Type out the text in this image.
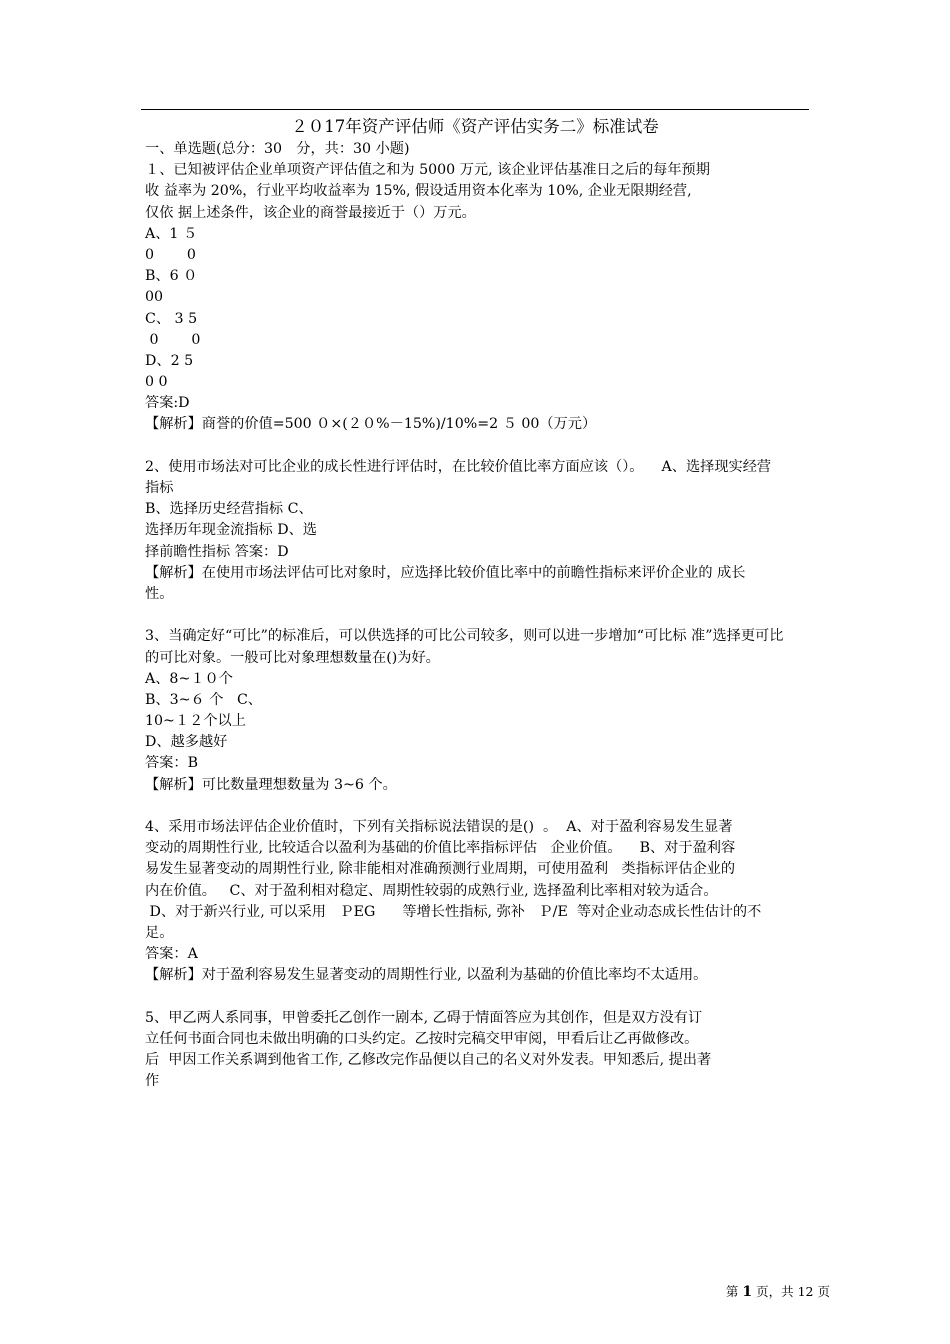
２０17年资产评估师《资产评估实务二》标准试卷
一、单选题(总分：30　分，共：30 小题)
１、已知被评估企业单项资产评估值之和为 5000 万元, 该企业评估基准日之后的每年预期
收 益率为 20%，行业平均收益率为 15%, 假设适用资本化率为 10%, 企业无限期经营,
仅依 据上述条件，该企业的商誉最接近于（）万元。
A、1 ５
0　　 0
B、6 ０
00
C、 3 5
0　　 0
D、2 5
0 0
答案:D
【解析】商誉的价值=500 ０×(２０%－15%)/10%=2 ５ 00（万元）
2、使用市场法对可比企业的成长性进行评估时，在比较价值比率方面应该（）。    A、选择现实经营
指标
B、选择历史经营指标 C、
选择历年现金流指标 D、选
择前瞻性指标 答案：D
【解析】在使用市场法评估可比对象时，应选择比较价值比率中的前瞻性指标来评价企业的 成长
性。
3、当确定好“可比”的标准后，可以供选择的可比公司较多，则可以进一步增加“可比标 准”选择更可比
的可比对象。一般可比对象理想数量在()为好。
A、8~１０个
B、3~６ 个   C、
10~１２个以上
D、越多越好
答案：B
【解析】可比数量理想数量为 3~6 个。
4、采用市场法评估企业价值时，下列有关指标说法错误的是()  。  A、对于盈利容易发生显著
变动的周期性行业, 比较适合以盈利为基础的价值比率指标评估   企业价值。    B、对于盈利容
易发生显著变动的周期性行业, 除非能相对准确预测行业周期，可使用盈利   类指标评估企业的
内在价值。   C、对于盈利相对稳定、周期性较弱的成熟行业, 选择盈利比率相对较为适合。
D、对于新兴行业, 可以采用   ＰEG      等增长性指标, 弥补   Ｐ/E  等对企业动态成长性估计的不
足。
答案：A
【解析】对于盈利容易发生显著变动的周期性行业, 以盈利为基础的价值比率均不太适用。
5、甲乙两人系同事，甲曾委托乙创作一剧本, 乙碍于情面答应为其创作，但是双方没有订
立任何书面合同也未做出明确的口头约定。乙按时完稿交甲审阅，甲看后让乙再做修改。
后  甲因工作关系调到他省工作, 乙修改完作品便以自己的名义对外发表。甲知悉后, 提出著
作
第 1 页，共 12 页
